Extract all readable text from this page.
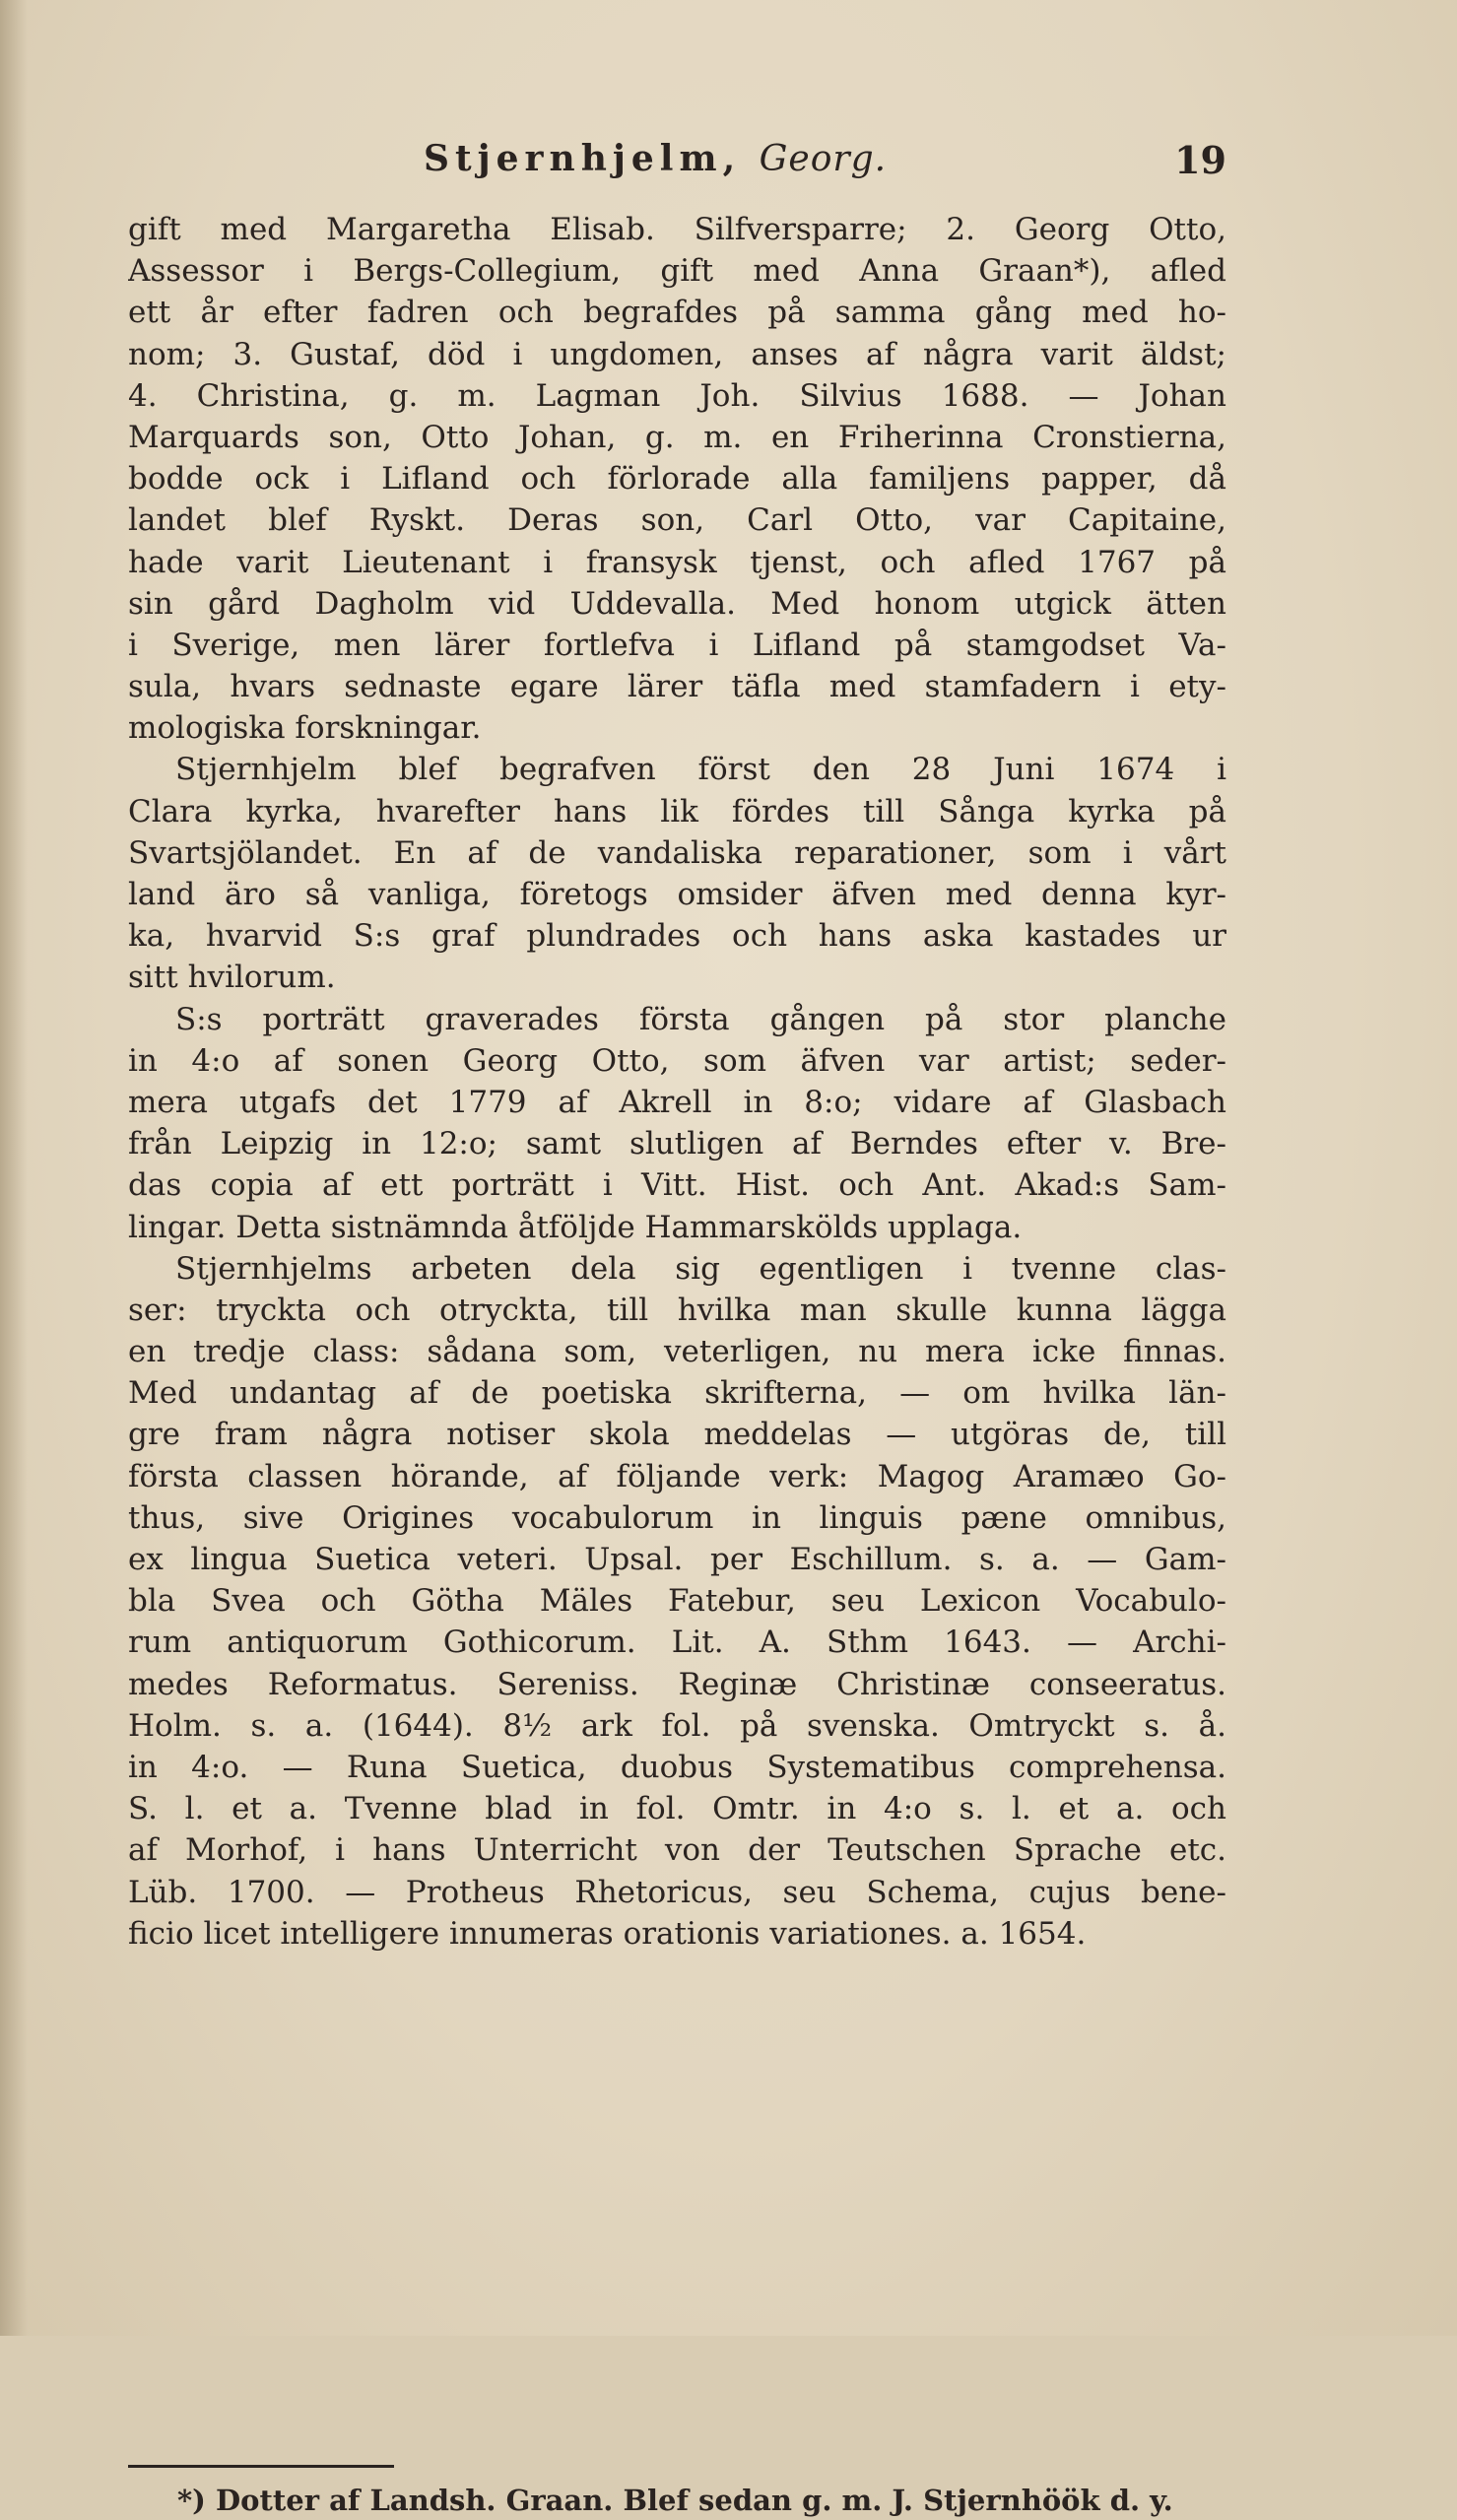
Stjernhjelm, Georg.	19
gift med Margaretha Elisab. Silfversparre; 2. Georg Otto,
Assessor i Bergs-Collegium, gift med Anna Graan*), afled
ett år efter fadren och begrafdes på samma gång med ho-
nom; 3. Gustaf, död i ungdomen, anses af några varit äldst;
4. Christina, g. m. Lagman Joh. Silvius 1688. — Johan
Marquards son, Otto Johan, g. m. en Friherinna Cronstierna,
bodde ock i Lifland och förlorade alla familjens papper, då
landet blef Ryskt. Deras son, Carl Otto, var Capitaine,
hade varit Lieutenant i fransysk tjenst, och afled 1767 på
sin gård Dagholm vid Uddevalla. Med honom utgick ätten
i Sverige, men lärer fortlefva i Lifland på stamgodset Va-
sula, hvars sednaste egare lärer täfla med stamfadern i ety-
mologiska forskningar.
Stjernhjelm blef begrafven först den 28 Juni 1674 i
Clara kyrka, hvarefter hans lik fördes till Sånga kyrka på
Svartsjölandet. En af de vandaliska reparationer, som i vårt
land äro så vanliga, företogs omsider äfven med denna kyr-
ka, hvarvid S:s graf plundrades och hans aska kastades ur
sitt hvilorum.
S:s porträtt graverades första gången på stor planche
in 4:o af sonen Georg Otto, som äfven var artist; seder-
mera utgafs det 1779 af Akrell in 8:o; vidare af Glasbach
från Leipzig in 12:o; samt slutligen af Berndes efter v. Bre-
das copia af ett porträtt i Vitt. Hist. och Ant. Akad:s Sam-
lingar. Detta sistnämnda åtföljde Hammarskölds upplaga.
Stjernhjelms arbeten dela sig egentligen i tvenne clas-
ser: tryckta och otryckta, till hvilka man skulle kunna lägga
en tredje class: sådana som, veterligen, nu mera icke finnas.
Med undantag af de poetiska skrifterna, — om hvilka län-
gre fram några notiser skola meddelas — utgöras de, till
första classen hörande, af följande verk: Magog Aramæo Go-
thus, sive Origines vocabulorum in linguis pæne omnibus,
ex lingua Suetica veteri. Upsal. per Eschillum. s. a. — Gam-
bla Svea och Götha Mäles Fatebur, seu Lexicon Vocabulo-
rum antiquorum Gothicorum. Lit. A. Sthm 1643. — Archi-
medes Reformatus. Sereniss. Reginæ Christinæ conseeratus.
Holm. s. a. (1644). 8½ ark fol. på svenska. Omtryckt s. å.
in 4:o. — Runa Suetica, duobus Systematibus comprehensa.
S. l. et a. Tvenne blad in fol. Omtr. in 4:o s. l. et a. och
af Morhof, i hans Unterricht von der Teutschen Sprache etc.
Lüb. 1700. — Protheus Rhetoricus, seu Schema, cujus bene-
ficio licet intelligere innumeras orationis variationes. a. 1654.
*) Dotter af Landsh. Graan. Blef sedan g. m. J. Stjernhöök d. y.
